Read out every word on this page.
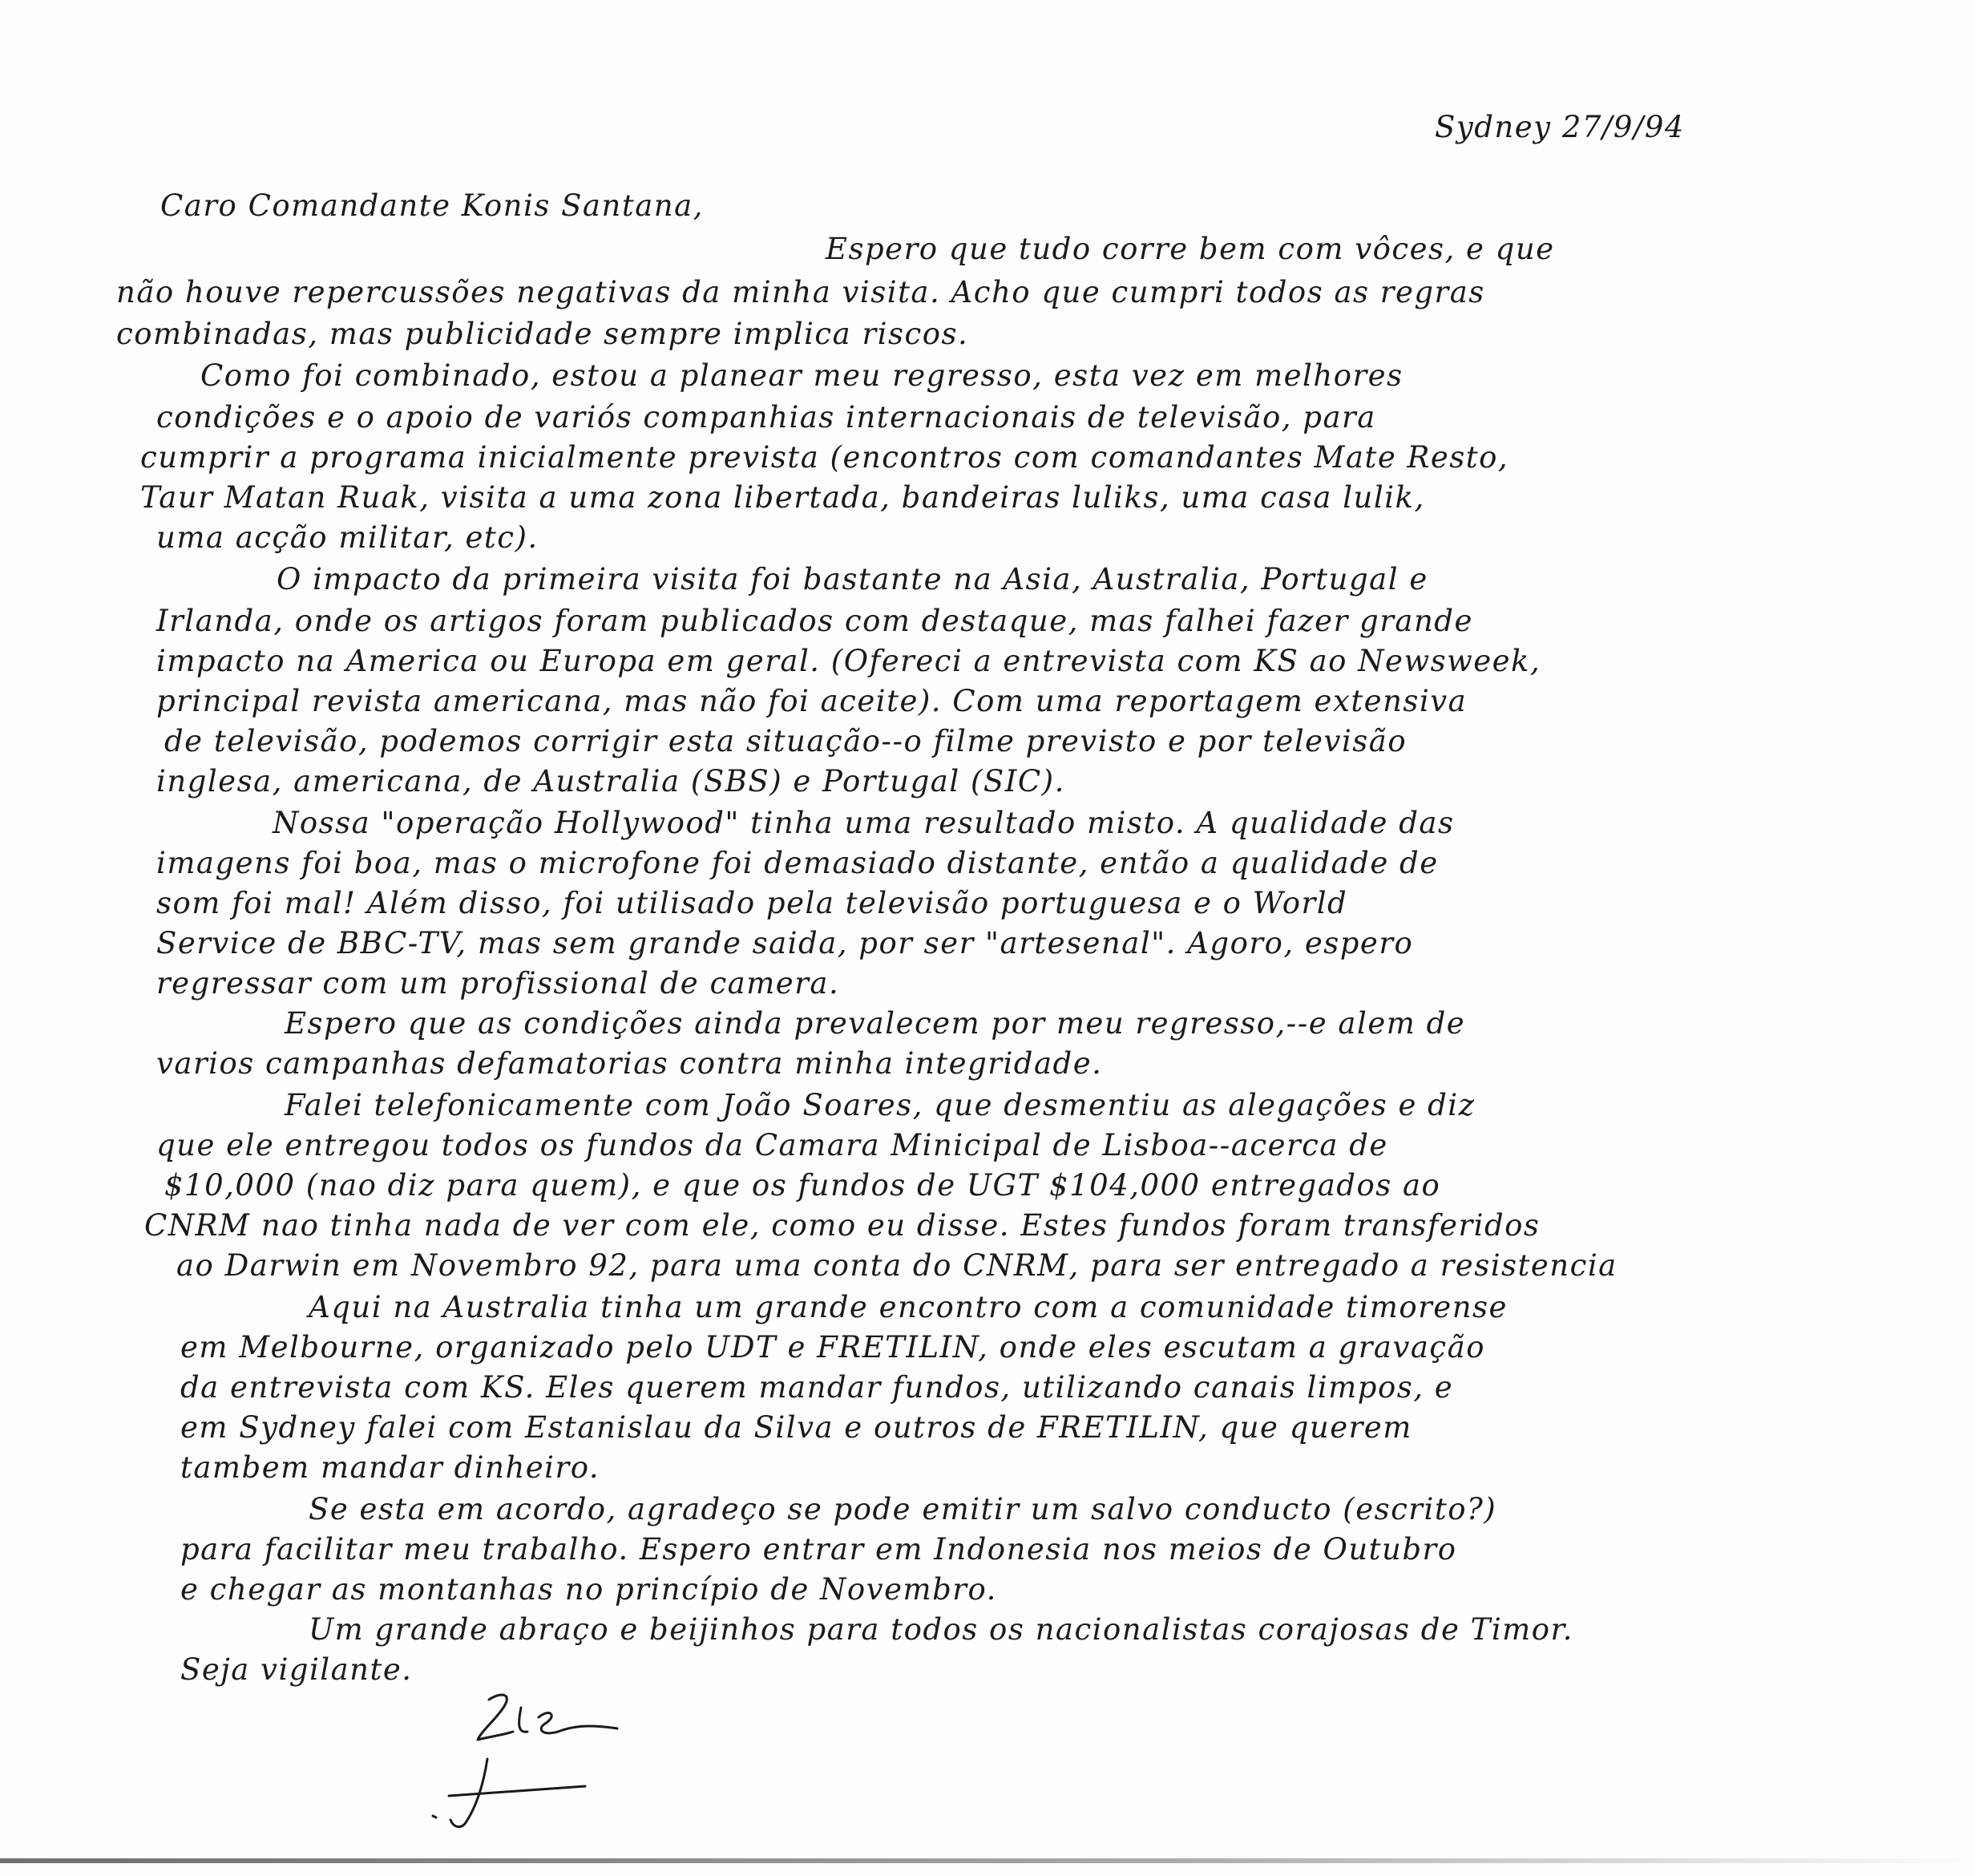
Sydney 27/9/94
Caro Comandante Konis Santana,
Espero que tudo corre bem com vôces, e que
não houve repercussões negativas da minha visita. Acho que cumpri todos as regras
combinadas, mas publicidade sempre implica riscos.
Como foi combinado, estou a planear meu regresso, esta vez em melhores
condições e o apoio de variós companhias internacionais de televisão, para
cumprir a programa inicialmente prevista (encontros com comandantes Mate Resto,
Taur Matan Ruak, visita a uma zona libertada, bandeiras luliks, uma casa lulik,
uma acção militar, etc).
O impacto da primeira visita foi bastante na Asia, Australia, Portugal e
Irlanda, onde os artigos foram publicados com destaque, mas falhei fazer grande
impacto na America ou Europa em geral. (Ofereci a entrevista com KS ao Newsweek,
principal revista americana, mas não foi aceite). Com uma reportagem extensiva
de televisão, podemos corrigir esta situação--o filme previsto e por televisão
inglesa, americana, de Australia (SBS) e Portugal (SIC).
Nossa "operação Hollywood" tinha uma resultado misto. A qualidade das
imagens foi boa, mas o microfone foi demasiado distante, então a qualidade de
som foi mal! Além disso, foi utilisado pela televisão portuguesa e o World
Service de BBC-TV, mas sem grande saida, por ser "artesenal". Agoro, espero
regressar com um profissional de camera.
Espero que as condições ainda prevalecem por meu regresso,--e alem de
varios campanhas defamatorias contra minha integridade.
Falei telefonicamente com João Soares, que desmentiu as alegações e diz
que ele entregou todos os fundos da Camara Minicipal de Lisboa--acerca de
$10,000 (nao diz para quem), e que os fundos de UGT $104,000 entregados ao
CNRM nao tinha nada de ver com ele, como eu disse. Estes fundos foram transferidos
ao Darwin em Novembro 92, para uma conta do CNRM, para ser entregado a resistencia
Aqui na Australia tinha um grande encontro com a comunidade timorense
em Melbourne, organizado pelo UDT e FRETILIN, onde eles escutam a gravação
da entrevista com KS. Eles querem mandar fundos, utilizando canais limpos, e
em Sydney falei com Estanislau da Silva e outros de FRETILIN, que querem
tambem mandar dinheiro.
Se esta em acordo, agradeço se pode emitir um salvo conducto (escrito?)
para facilitar meu trabalho. Espero entrar em Indonesia nos meios de Outubro
e chegar as montanhas no princípio de Novembro.
Um grande abraço e beijinhos para todos os nacionalistas corajosas de Timor.
Seja vigilante.
